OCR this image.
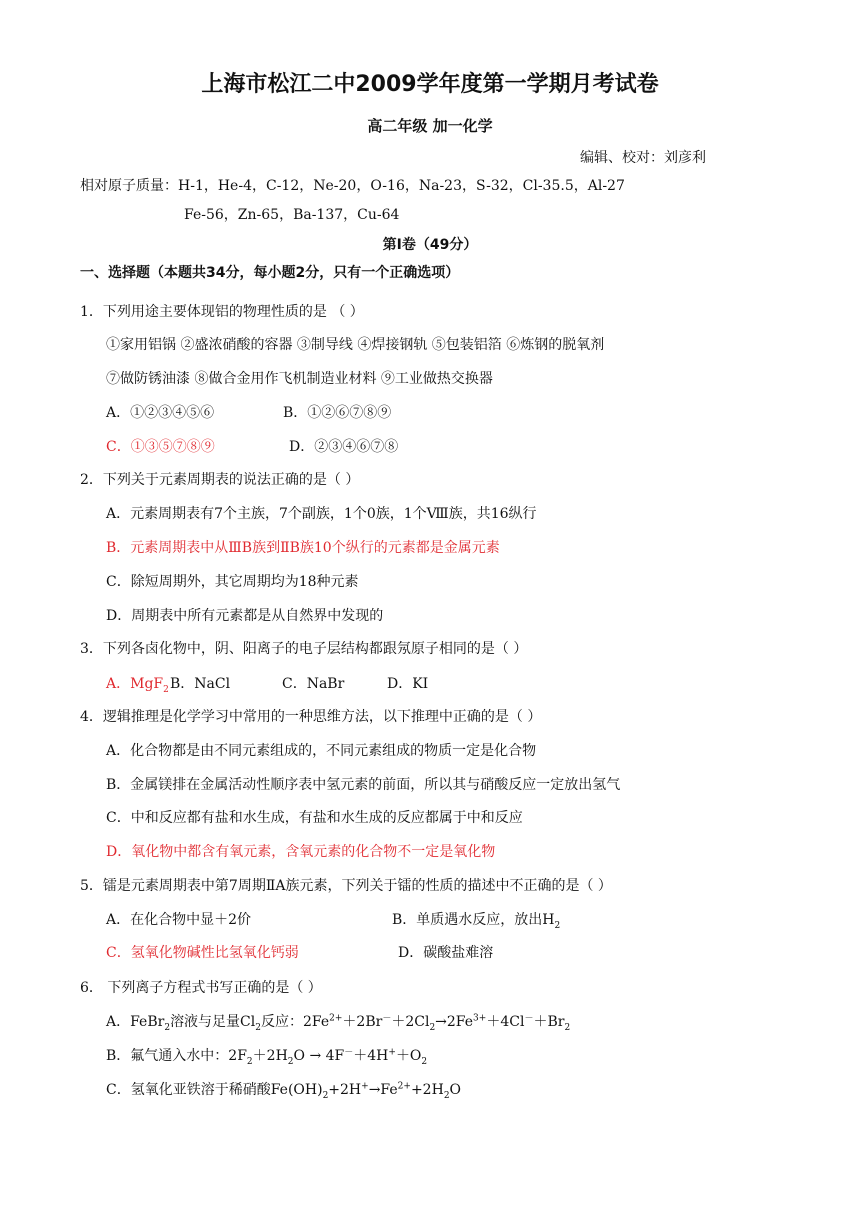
上海市松江二中2009学年度第一学期月考试卷
高二年级 加一化学
编辑、校对：刘彦利
相对原子质量：H-1，He-4，C-12，Ne-20，O-16，Na-23，S-32，Cl-35.5，Al-27
Fe-56，Zn-65，Ba-137，Cu-64
第Ⅰ卷（49分）
一、选择题（本题共34分，每小题2分，只有一个正确选项）
1．下列用途主要体现铝的物理性质的是 （ ）
①家用铝锅 ②盛浓硝酸的容器 ③制导线 ④焊接钢轨 ⑤包装铝箔 ⑥炼钢的脱氧剂
⑦做防锈油漆 ⑧做合金用作飞机制造业材料 ⑨工业做热交换器
A．①②③④⑤⑥	B．①②⑥⑦⑧⑨
C．①③⑤⑦⑧⑨	D．②③④⑥⑦⑧
2．下列关于元素周期表的说法正确的是（ ）
A．元素周期表有7个主族，7个副族，1个0族，1个Ⅷ族，共16纵行
B．元素周期表中从ⅢB族到ⅡB族10个纵行的元素都是金属元素
C．除短周期外，其它周期均为18种元素
D．周期表中所有元素都是从自然界中发现的
3．下列各卤化物中，阴、阳离子的电子层结构都跟氖原子相同的是（ ）
A．MgF$_2$ B．NaCl	C．NaBr	D．KI
4．逻辑推理是化学学习中常用的一种思维方法，以下推理中正确的是（ ）
A．化合物都是由不同元素组成的，不同元素组成的物质一定是化合物
B．金属镁排在金属活动性顺序表中氢元素的前面，所以其与硝酸反应一定放出氢气
C．中和反应都有盐和水生成，有盐和水生成的反应都属于中和反应
D．氧化物中都含有氧元素，含氧元素的化合物不一定是氧化物
5．镭是元素周期表中第7周期ⅡA族元素，下列关于镭的性质的描述中不正确的是（ ）
A．在化合物中显＋2价	B．单质遇水反应，放出$H_2$
C．氢氧化物碱性比氢氧化钙弱	D．碳酸盐难溶
6． 下列离子方程式书写正确的是（ ）
A．FeBr$_2$溶液与足量$Cl_2$反应：$2Fe^{2+}+2Br^-+2Cl_2\to 2Fe^{3+}+4Cl^-+Br_2$
B．氟气通入水中：$2F_2+2H_2O \to 4F^-+4H^++O_2$
C．氢氧化亚铁溶于稀硝酸$Fe(OH)_2+2H^+\to Fe^{2+}+2H_2O$
